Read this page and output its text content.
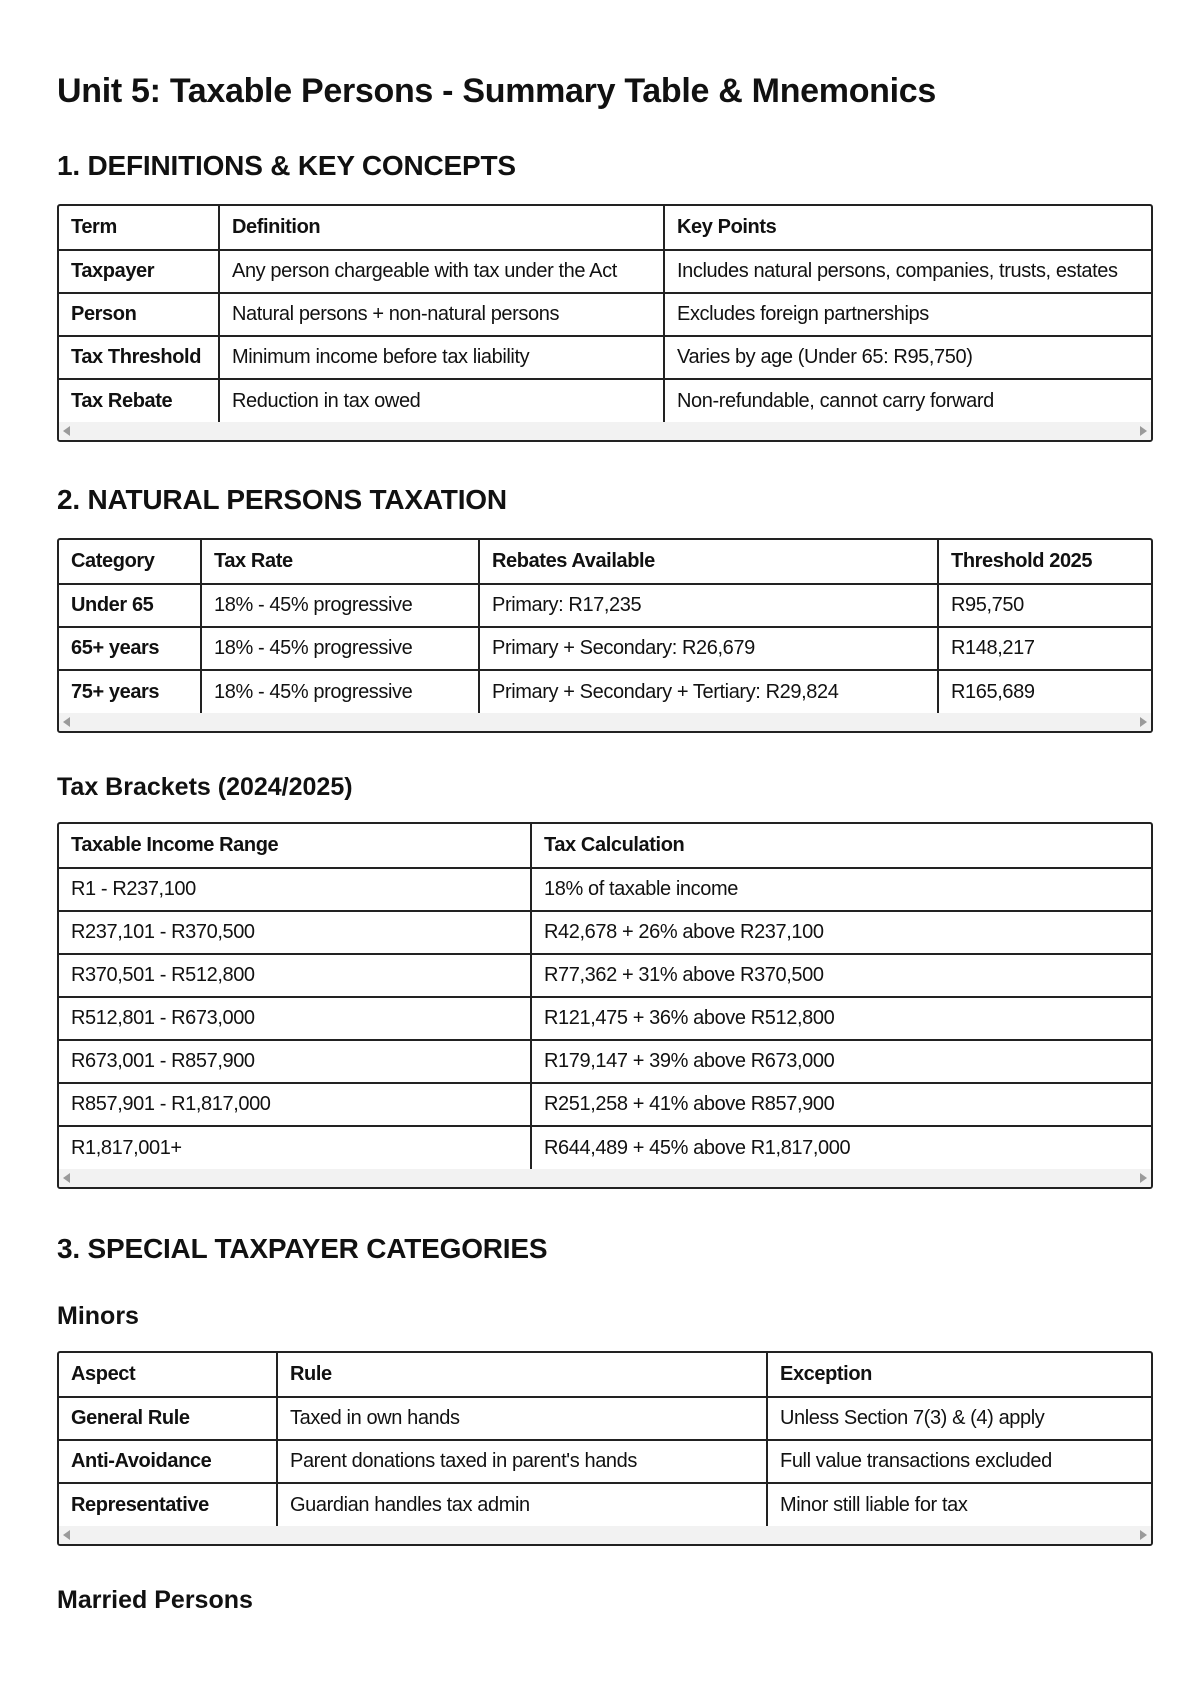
Unit 5: Taxable Persons - Summary Table & Mnemonics
1. DEFINITIONS & KEY CONCEPTS
Term	Definition	Key Points
Taxpayer	Any person chargeable with tax under the Act	Includes natural persons, companies, trusts, estates
Person	Natural persons + non-natural persons	Excludes foreign partnerships
Tax Threshold	Minimum income before tax liability	Varies by age (Under 65: R95,750)
Tax Rebate	Reduction in tax owed	Non-refundable, cannot carry forward
2. NATURAL PERSONS TAXATION
Category	Tax Rate	Rebates Available	Threshold 2025
Under 65	18% - 45% progressive	Primary: R17,235	R95,750
65+ years	18% - 45% progressive	Primary + Secondary: R26,679	R148,217
75+ years	18% - 45% progressive	Primary + Secondary + Tertiary: R29,824	R165,689
Tax Brackets (2024/2025)
Taxable Income Range	Tax Calculation
R1 - R237,100	18% of taxable income
R237,101 - R370,500	R42,678 + 26% above R237,100
R370,501 - R512,800	R77,362 + 31% above R370,500
R512,801 - R673,000	R121,475 + 36% above R512,800
R673,001 - R857,900	R179,147 + 39% above R673,000
R857,901 - R1,817,000	R251,258 + 41% above R857,900
R1,817,001+	R644,489 + 45% above R1,817,000
3. SPECIAL TAXPAYER CATEGORIES
Minors
Aspect	Rule	Exception
General Rule	Taxed in own hands	Unless Section 7(3) & (4) apply
Anti-Avoidance	Parent donations taxed in parent's hands	Full value transactions excluded
Representative	Guardian handles tax admin	Minor still liable for tax
Married Persons
